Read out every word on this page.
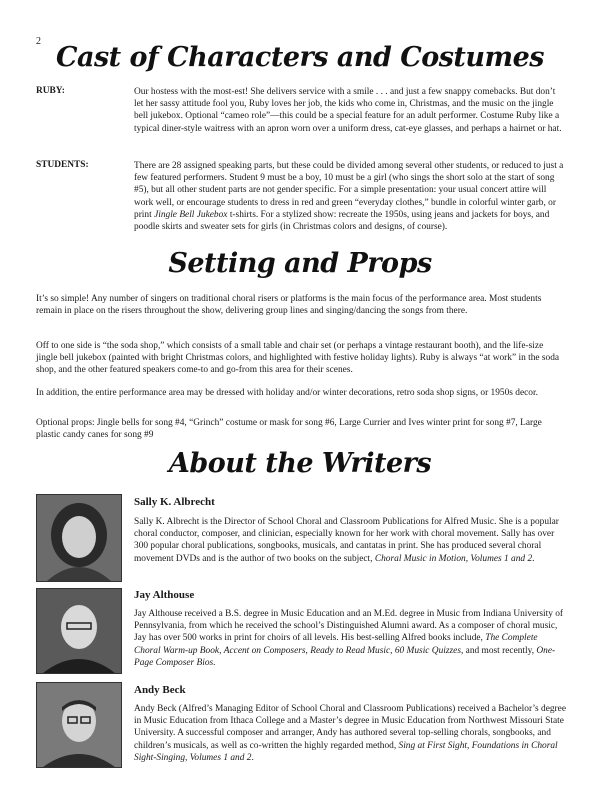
2
Cast of Characters and Costumes
RUBY:	Our hostess with the most-est! She delivers service with a smile . . . and just a few snappy comebacks. But don’t let her sassy attitude fool you, Ruby loves her job, the kids who come in, Christmas, and the music on the jingle bell jukebox. Optional “cameo role”—this could be a special feature for an adult performer. Costume Ruby like a typical diner-style waitress with an apron worn over a uniform dress, cat-eye glasses, and perhaps a hairnet or hat.

STUDENTS:	There are 28 assigned speaking parts, but these could be divided among several other students, or reduced to just a few featured performers. Student 9 must be a boy, 10 must be a girl (who sings the short solo at the start of song #5), but all other student parts are not gender specific. For a simple presentation: your usual concert attire will work well, or encourage students to dress in red and green “everyday clothes,” bundle in colorful winter garb, or print Jingle Bell Jukebox t-shirts. For a stylized show: recreate the 1950s, using jeans and jackets for boys, and poodle skirts and sweater sets for girls (in Christmas colors and designs, of course).

Setting and Props

It’s so simple! Any number of singers on traditional choral risers or platforms is the main focus of the performance area. Most students remain in place on the risers throughout the show, delivering group lines and singing/dancing the songs from there.

Off to one side is “the soda shop,” which consists of a small table and chair set (or perhaps a vintage restaurant booth), and the life-size jingle bell jukebox (painted with bright Christmas colors, and highlighted with festive holiday lights). Ruby is always “at work” in the soda shop, and the other featured speakers come-to and go-from this area for their scenes.

In addition, the entire performance area may be dressed with holiday and/or winter decorations, retro soda shop signs, or 1950s decor.

Optional props: Jingle bells for song #4, “Grinch” costume or mask for song #6, Large Currier and Ives winter print for song #7, Large plastic candy canes for song #9

About the Writers
Sally K. Albrecht

Sally K. Albrecht is the Director of School Choral and Classroom Publications for Alfred Music. She is a popular choral conductor, composer, and clinician, especially known for her work with choral movement. Sally has over 300 popular choral publications, songbooks, musicals, and cantatas in print. She has produced several choral movement DVDs and is the author of two books on the subject, Choral Music in Motion, Volumes 1 and 2.

Jay Althouse

Jay Althouse received a B.S. degree in Music Education and an M.Ed. degree in Music from Indiana University of Pennsylvania, from which he received the school’s Distinguished Alumni award. As a composer of choral music, Jay has over 500 works in print for choirs of all levels. His best-selling Alfred books include, The Complete Choral Warm-up Book, Accent on Composers, Ready to Read Music, 60 Music Quizzes, and most recently, One-Page Composer Bios.

Andy Beck

Andy Beck (Alfred’s Managing Editor of School Choral and Classroom Publications) received a Bachelor’s degree in Music Education from Ithaca College and a Master’s degree in Music Education from Northwest Missouri State University. A successful composer and arranger, Andy has authored several top-selling chorals, songbooks, and children’s musicals, as well as co-written the highly regarded method, Sing at First Sight, Foundations in Choral Sight-Singing, Volumes 1 and 2.
